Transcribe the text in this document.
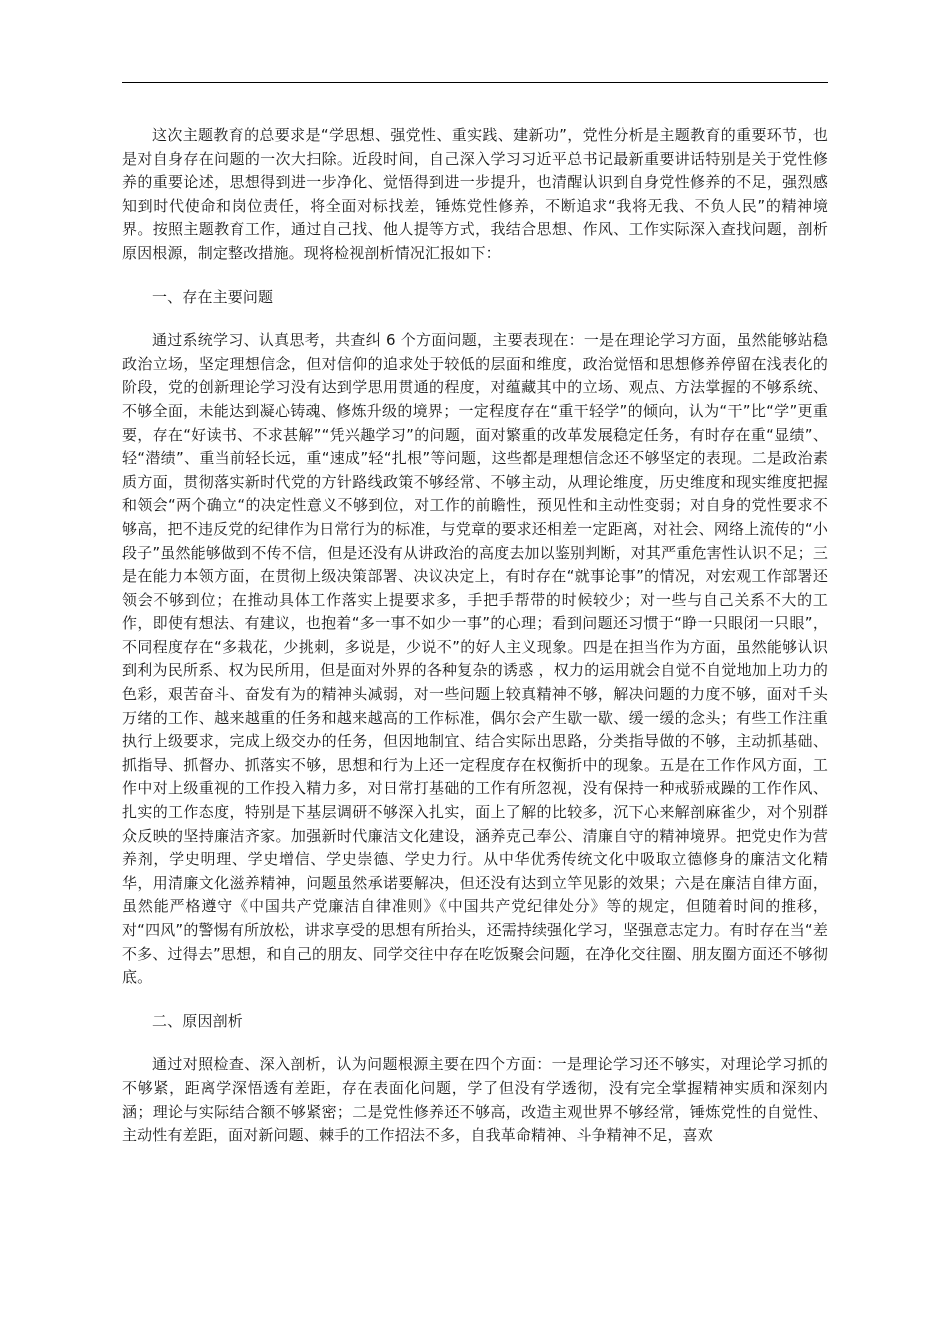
这次主题教育的总要求是“学思想、强党性、重实践、建新功”，党性分析是主题教育的重要环节，也是对自身存在问题的一次大扫除。近段时间，自己深入学习习近平总书记最新重要讲话特别是关于党性修养的重要论述，思想得到进一步净化、觉悟得到进一步提升，也清醒认识到自身党性修养的不足，强烈感知到时代使命和岗位责任，将全面对标找差，锤炼党性修养，不断追求“我将无我、不负人民”的精神境界。按照主题教育工作，通过自己找、他人提等方式，我结合思想、作风、工作实际深入查找问题，剖析原因根源，制定整改措施。现将检视剖析情况汇报如下：

一、存在主要问题

通过系统学习、认真思考，共查纠 6 个方面问题，主要表现在：一是在理论学习方面，虽然能够站稳政治立场，坚定理想信念，但对信仰的追求处于较低的层面和维度，政治觉悟和思想修养停留在浅表化的阶段，党的创新理论学习没有达到学思用贯通的程度，对蕴藏其中的立场、观点、方法掌握的不够系统、不够全面，未能达到凝心铸魂、修炼升级的境界；一定程度存在“重干轻学”的倾向，认为“干”比“学”更重要，存在“好读书、不求甚解”“凭兴趣学习”的问题，面对繁重的改革发展稳定任务，有时存在重“显绩”、轻“潜绩”、重当前轻长远，重“速成”轻“扎根”等问题，这些都是理想信念还不够坚定的表现。二是政治素质方面，贯彻落实新时代党的方针路线政策不够经常、不够主动，从理论维度，历史维度和现实维度把握和领会“两个确立“的决定性意义不够到位，对工作的前瞻性，预见性和主动性变弱；对自身的党性要求不够高，把不违反党的纪律作为日常行为的标准，与党章的要求还相差一定距离，对社会、网络上流传的“小段子”虽然能够做到不传不信，但是还没有从讲政治的高度去加以鉴别判断，对其严重危害性认识不足；三是在能力本领方面，在贯彻上级决策部署、决议决定上，有时存在“就事论事”的情况，对宏观工作部署还领会不够到位；在推动具体工作落实上提要求多，手把手帮带的时候较少；对一些与自己关系不大的工作，即使有想法、有建议，也抱着“多一事不如少一事”的心理；看到问题还习惯于“睁一只眼闭一只眼”，不同程度存在“多栽花，少挑刺，多说是，少说不”的好人主义现象。四是在担当作为方面，虽然能够认识到利为民所系、权为民所用，但是面对外界的各种复杂的诱惑 ，权力的运用就会自觉不自觉地加上功力的色彩，艰苦奋斗、奋发有为的精神头减弱，对一些问题上较真精神不够，解决问题的力度不够，面对千头万绪的工作、越来越重的任务和越来越高的工作标准，偶尔会产生歇一歇、缓一缓的念头；有些工作注重执行上级要求，完成上级交办的任务，但因地制宜、结合实际出思路，分类指导做的不够，主动抓基础、抓指导、抓督办、抓落实不够，思想和行为上还一定程度存在权衡折中的现象。五是在工作作风方面，工作中对上级重视的工作投入精力多，对日常打基础的工作有所忽视，没有保持一种戒骄戒躁的工作作风、扎实的工作态度，特别是下基层调研不够深入扎实，面上了解的比较多，沉下心来解剖麻雀少，对个别群众反映的坚持廉洁齐家。加强新时代廉洁文化建设，涵养克己奉公、清廉自守的精神境界。把党史作为营养剂，学史明理、学史增信、学史崇德、学史力行。从中华优秀传统文化中吸取立德修身的廉洁文化精华，用清廉文化滋养精神，问题虽然承诺要解决，但还没有达到立竿见影的效果；六是在廉洁自律方面，虽然能严格遵守《中国共产党廉洁自律准则》《中国共产党纪律处分》等的规定，但随着时间的推移，对“四风”的警惕有所放松，讲求享受的思想有所抬头，还需持续强化学习，坚强意志定力。有时存在当“差不多、过得去”思想，和自己的朋友、同学交往中存在吃饭聚会问题，在净化交往圈、朋友圈方面还不够彻底。

二、原因剖析

通过对照检查、深入剖析，认为问题根源主要在四个方面：一是理论学习还不够实，对理论学习抓的不够紧，距离学深悟透有差距，存在表面化问题，学了但没有学透彻，没有完全掌握精神实质和深刻内涵；理论与实际结合额不够紧密；二是党性修养还不够高，改造主观世界不够经常，锤炼党性的自觉性、主动性有差距，面对新问题、棘手的工作招法不多，自我革命精神、斗争精神不足，喜欢
